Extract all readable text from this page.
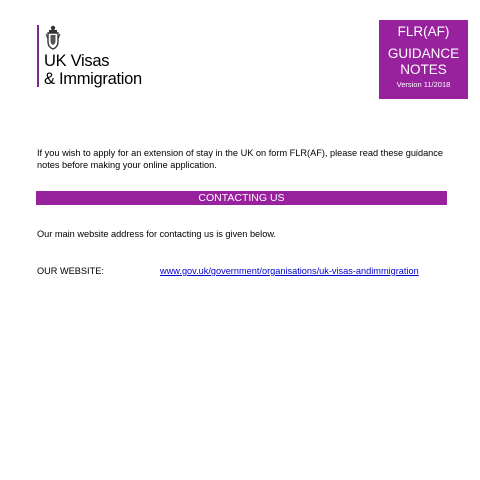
UK Visas
& Immigration
FLR(AF)
GUIDANCE
NOTES
Version 11/2018
If you wish to apply for an extension of stay in the UK on form FLR(AF), please read these guidance notes before making your online application.
CONTACTING US
Our main website address for contacting us is given below.
OUR WEBSITE:	www.gov.uk/government/organisations/uk-visas-andimmigration
